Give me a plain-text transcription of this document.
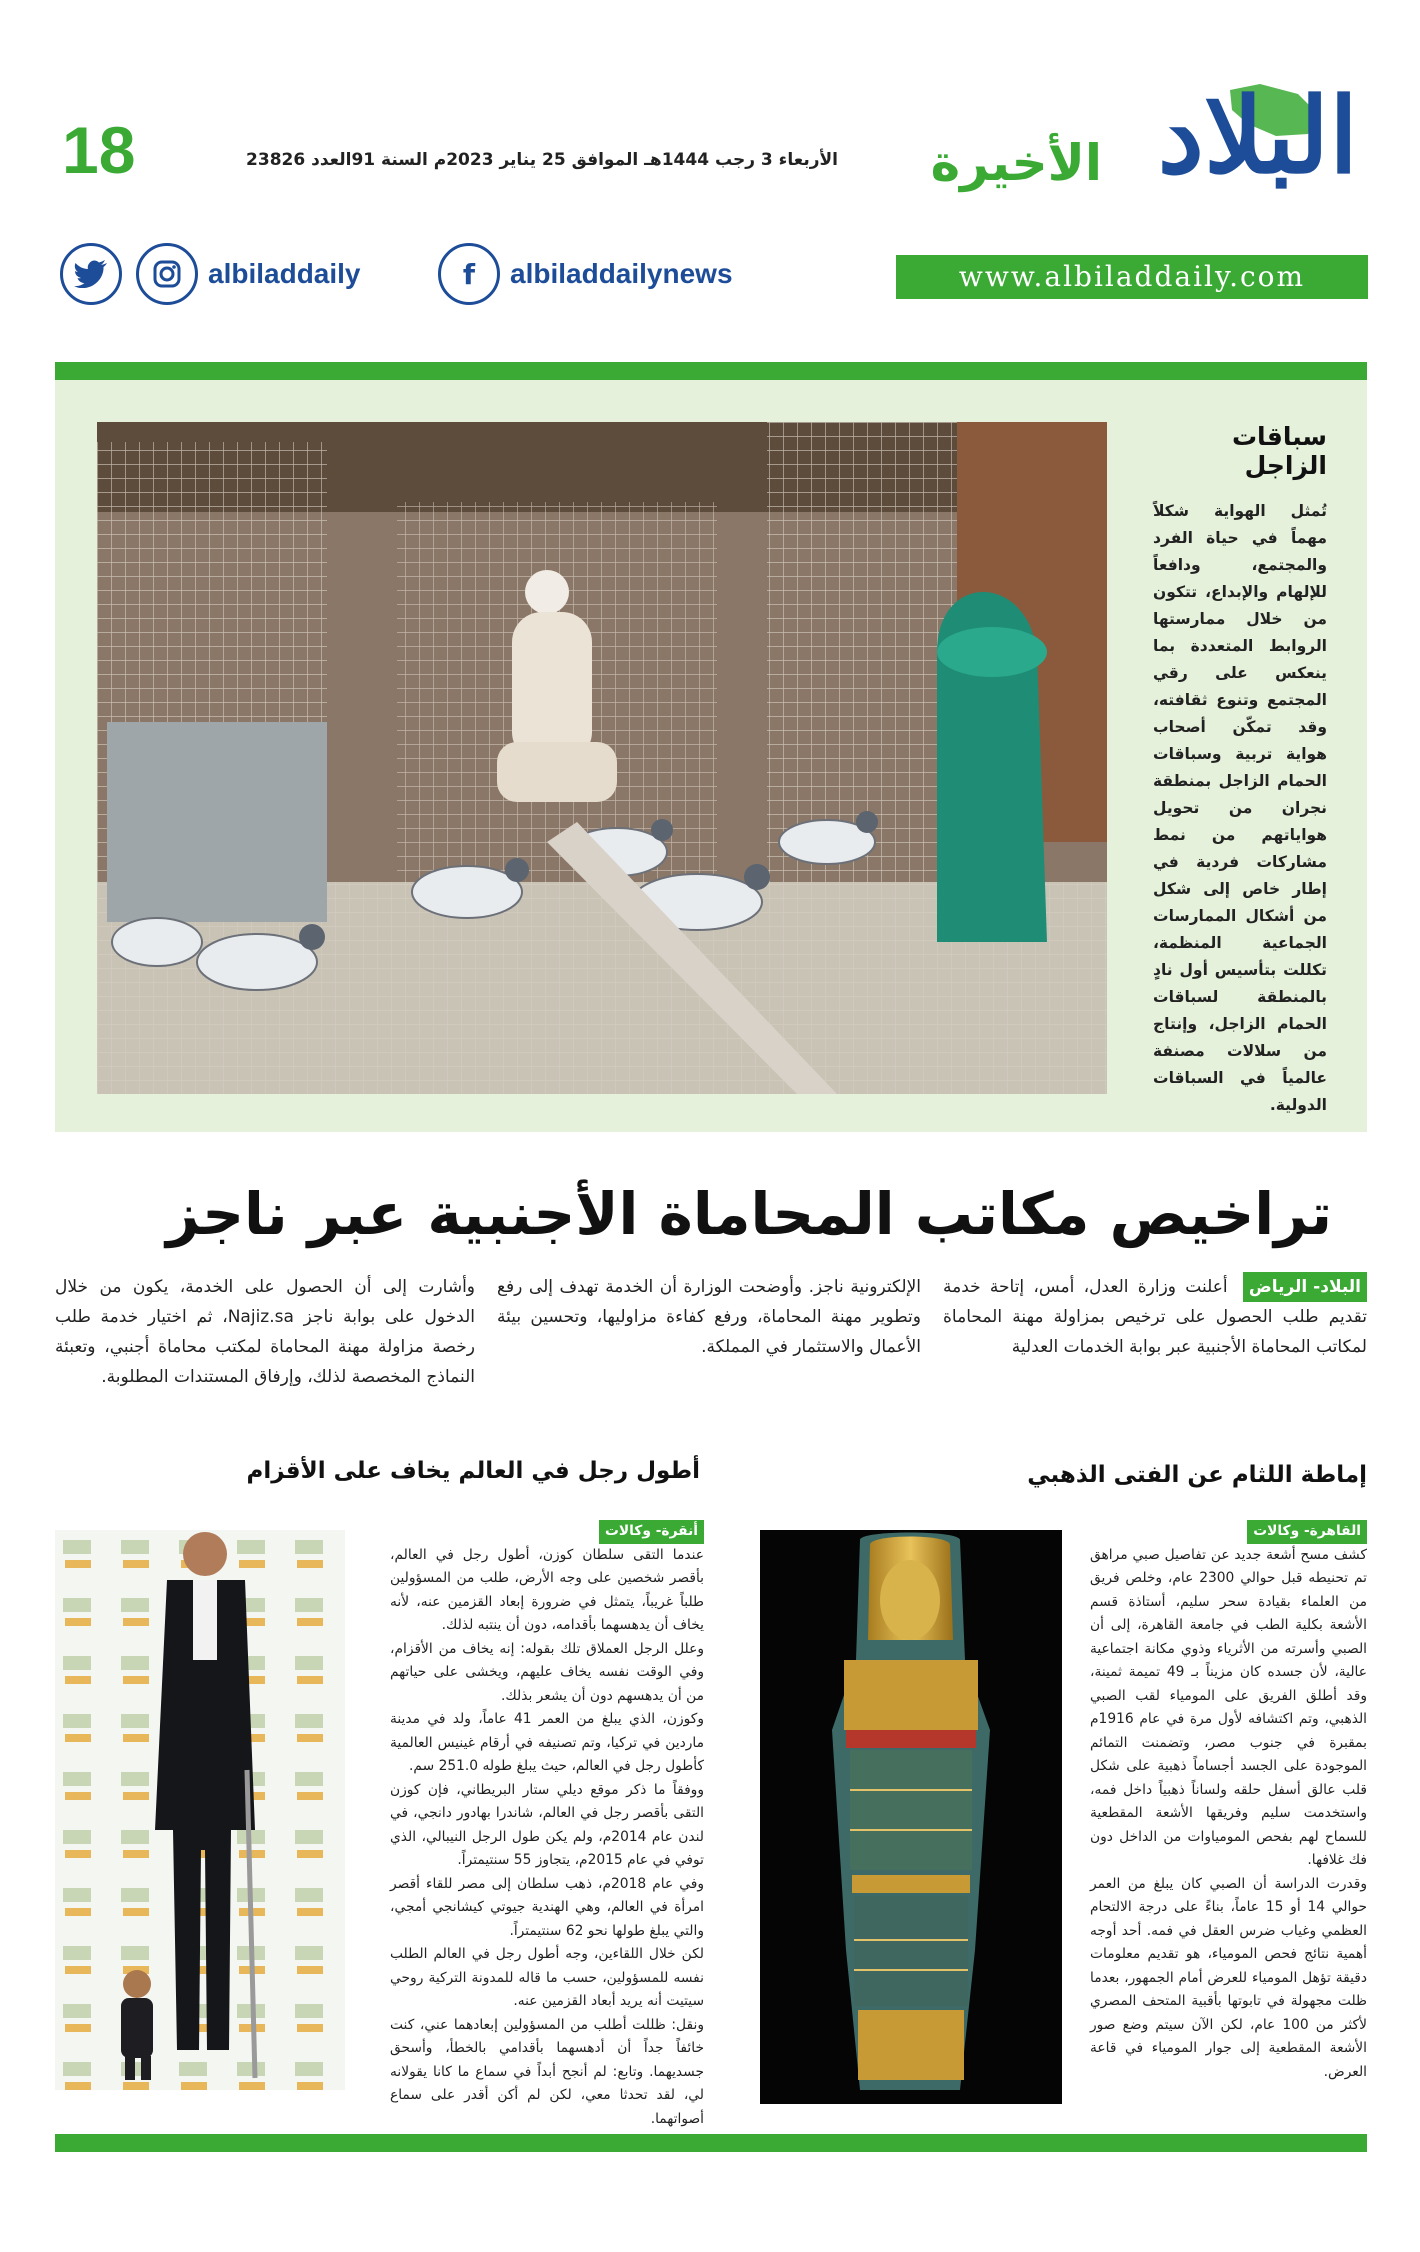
18	الأربعاء 3 رجب 1444هـ الموافق 25 يناير 2023م السنة 91العدد 23826	البلاد
الأخيرة
www.albiladdaily.com
f	albiladdailynews
albiladdaily
سباقات الزاجل
تُمثل الهواية شكلاً مهماً في حياة الفرد والمجتمع، ودافعاً للإلهام والإبداع، تتكون من خلال ممارستها الروابط المتعددة بما ينعكس على رقي المجتمع وتنوع ثقافته، وقد تمكّن أصحاب هواية تربية وسباقات الحمام الزاجل بمنطقة نجران من تحويل هواياتهم من نمط مشاركات فردية في إطار خاص إلى شكل من أشكال الممارسات الجماعية المنظمة، تكللت بتأسيس أول نادٍ بالمنطقة لسباقات الحمام الزاجل، وإنتاج من سلالات مصنفة عالمياً في السباقات الدولية.
تراخيص مكاتب المحاماة الأجنبية عبر ناجز
البلاد- الرياض أعلنت وزارة العدل، أمس، إتاحة خدمة تقديم طلب الحصول على ترخيص بمزاولة مهنة المحاماة لمكاتب المحاماة الأجنبية عبر بوابة الخدمات العدلية
الإلكترونية ناجز. وأوضحت الوزارة أن الخدمة تهدف إلى رفع وتطوير مهنة المحاماة، ورفع كفاءة مزاوليها، وتحسين بيئة الأعمال والاستثمار في المملكة.
وأشارت إلى أن الحصول على الخدمة، يكون من خلال الدخول على بوابة ناجز Najiz.sa، ثم اختيار خدمة طلب رخصة مزاولة مهنة المحاماة لمكتب محاماة أجنبي، وتعبئة النماذج المخصصة لذلك، وإرفاق المستندات المطلوبة.
إماطة اللثام عن الفتى الذهبي
القاهرة- وكالات

كشف مسح أشعة جديد عن تفاصيل صبي مراهق تم تحنيطه قبل حوالي 2300 عام، وخلص فريق من العلماء بقيادة سحر سليم، أستاذة قسم الأشعة بكلية الطب في جامعة القاهرة، إلى أن الصبي وأسرته من الأثرياء وذوي مكانة اجتماعية عالية، لأن جسده كان مزيناً بـ 49 تميمة ثمينة، وقد أطلق الفريق على المومياء لقب الصبي الذهبي، وتم اكتشافه لأول مرة في عام 1916م بمقبرة في جنوب مصر، وتضمنت التمائم الموجودة على الجسد أجساماً ذهبية على شكل قلب عالق أسفل حلقه ولساناً ذهبياً داخل فمه، واستخدمت سليم وفريقها الأشعة المقطعية للسماح لهم بفحص المومياوات من الداخل دون فك غلافها.

وقدرت الدراسة أن الصبي كان يبلغ من العمر حوالي 14 أو 15 عاماً، بناءً على درجة الالتحام العظمي وغياب ضرس العقل في فمه. أحد أوجه أهمية نتائج فحص المومياء، هو تقديم معلومات دقيقة تؤهل المومياء للعرض أمام الجمهور، بعدما ظلت مجهولة في تابوتها بأقبية المتحف المصري لأكثر من 100 عام، لكن الآن سيتم وضع صور الأشعة المقطعية إلى جوار المومياء في قاعة العرض.

أطول رجل في العالم يخاف على الأقزام
أنقرة- وكالات

عندما التقى سلطان كوزن، أطول رجل في العالم، بأقصر شخصين على وجه الأرض، طلب من المسؤولين طلباً غريباً، يتمثل في ضرورة إبعاد القزمين عنه، لأنه يخاف أن يدهسهما بأقدامه، دون أن ينتبه لذلك.

وعلل الرجل العملاق تلك بقوله: إنه يخاف من الأقزام، وفي الوقت نفسه يخاف عليهم، ويخشى على حياتهم من أن يدهسهم دون أن يشعر بذلك.

وكوزن، الذي يبلغ من العمر 41 عاماً، ولد في مدينة ماردين في تركيا، وتم تصنيفه في أرقام غينيس العالمية كأطول رجل في العالم، حيث يبلغ طوله 251.0 سم.

ووفقاً ما ذكر موقع ديلي ستار البريطاني، فإن كوزن التقى بأقصر رجل في العالم، شاندرا بهادور دانجي، في لندن عام 2014م، ولم يكن طول الرجل النيبالي، الذي توفي في عام 2015م، يتجاوز 55 سنتيمتراً.

وفي عام 2018م، ذهب سلطان إلى مصر للقاء أقصر امرأة في العالم، وهي الهندية جيوتي كيشانجي أمجي، والتي يبلغ طولها نحو 62 سنتيمتراً.

لكن خلال اللقاءين، وجه أطول رجل في العالم الطلب نفسه للمسؤولين، حسب ما قاله للمدونة التركية روحي سيتيت أنه يريد أبعاد القزمين عنه.

ونقل: ظللت أطلب من المسؤولين إبعادهما عني، كنت خائفاً جداً أن أدهسهما بأقدامي بالخطأ، وأسحق جسديهما. وتابع: لم أنجح أبداً في سماع ما كانا يقولانه لي، لقد تحدثا معي، لكن لم أكن أقدر على سماع أصواتهما.
